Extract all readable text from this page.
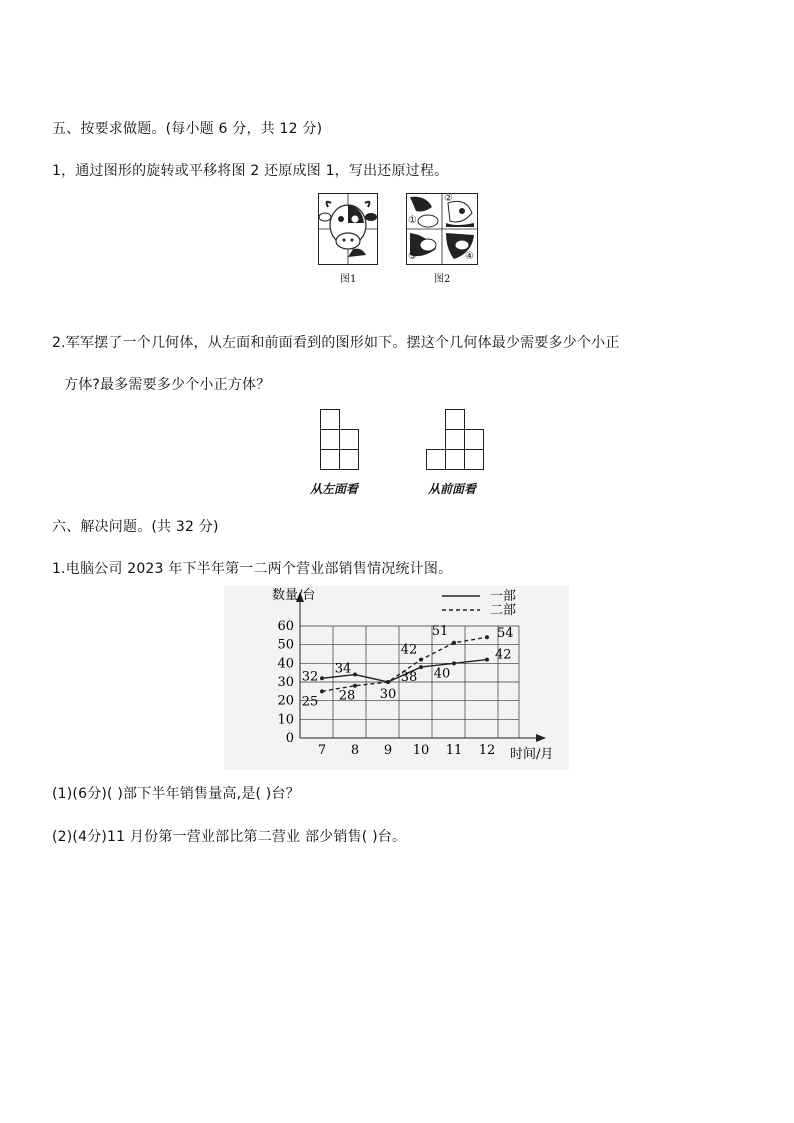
五、按要求做题。(每小题 6 分，共 12 分)
1，通过图形的旋转或平移将图 2 还原成图 1，写出还原过程。
图1
①
②
③	④
图2
2.军军摆了一个几何体，从左面和前面看到的图形如下。摆这个几何体最少需要多少个小正
方体?最多需要多少个小正方体？
从左面看	从前面看
六、解决问题。(共 32 分)
1.电脑公司 2023 年下半年第一二两个营业部销售情况统计图。
数量/台
时间/月
0
10
20
30
40
50
60
7 8 9 10 11 12
32
34
30
38 40
42
25 28
42
51	54
一部
二部
(1)(6分)( )部下半年销售量高,是( )台？
(2)(4分)11 月份第一营业部比第二营业 部少销售( )台。
